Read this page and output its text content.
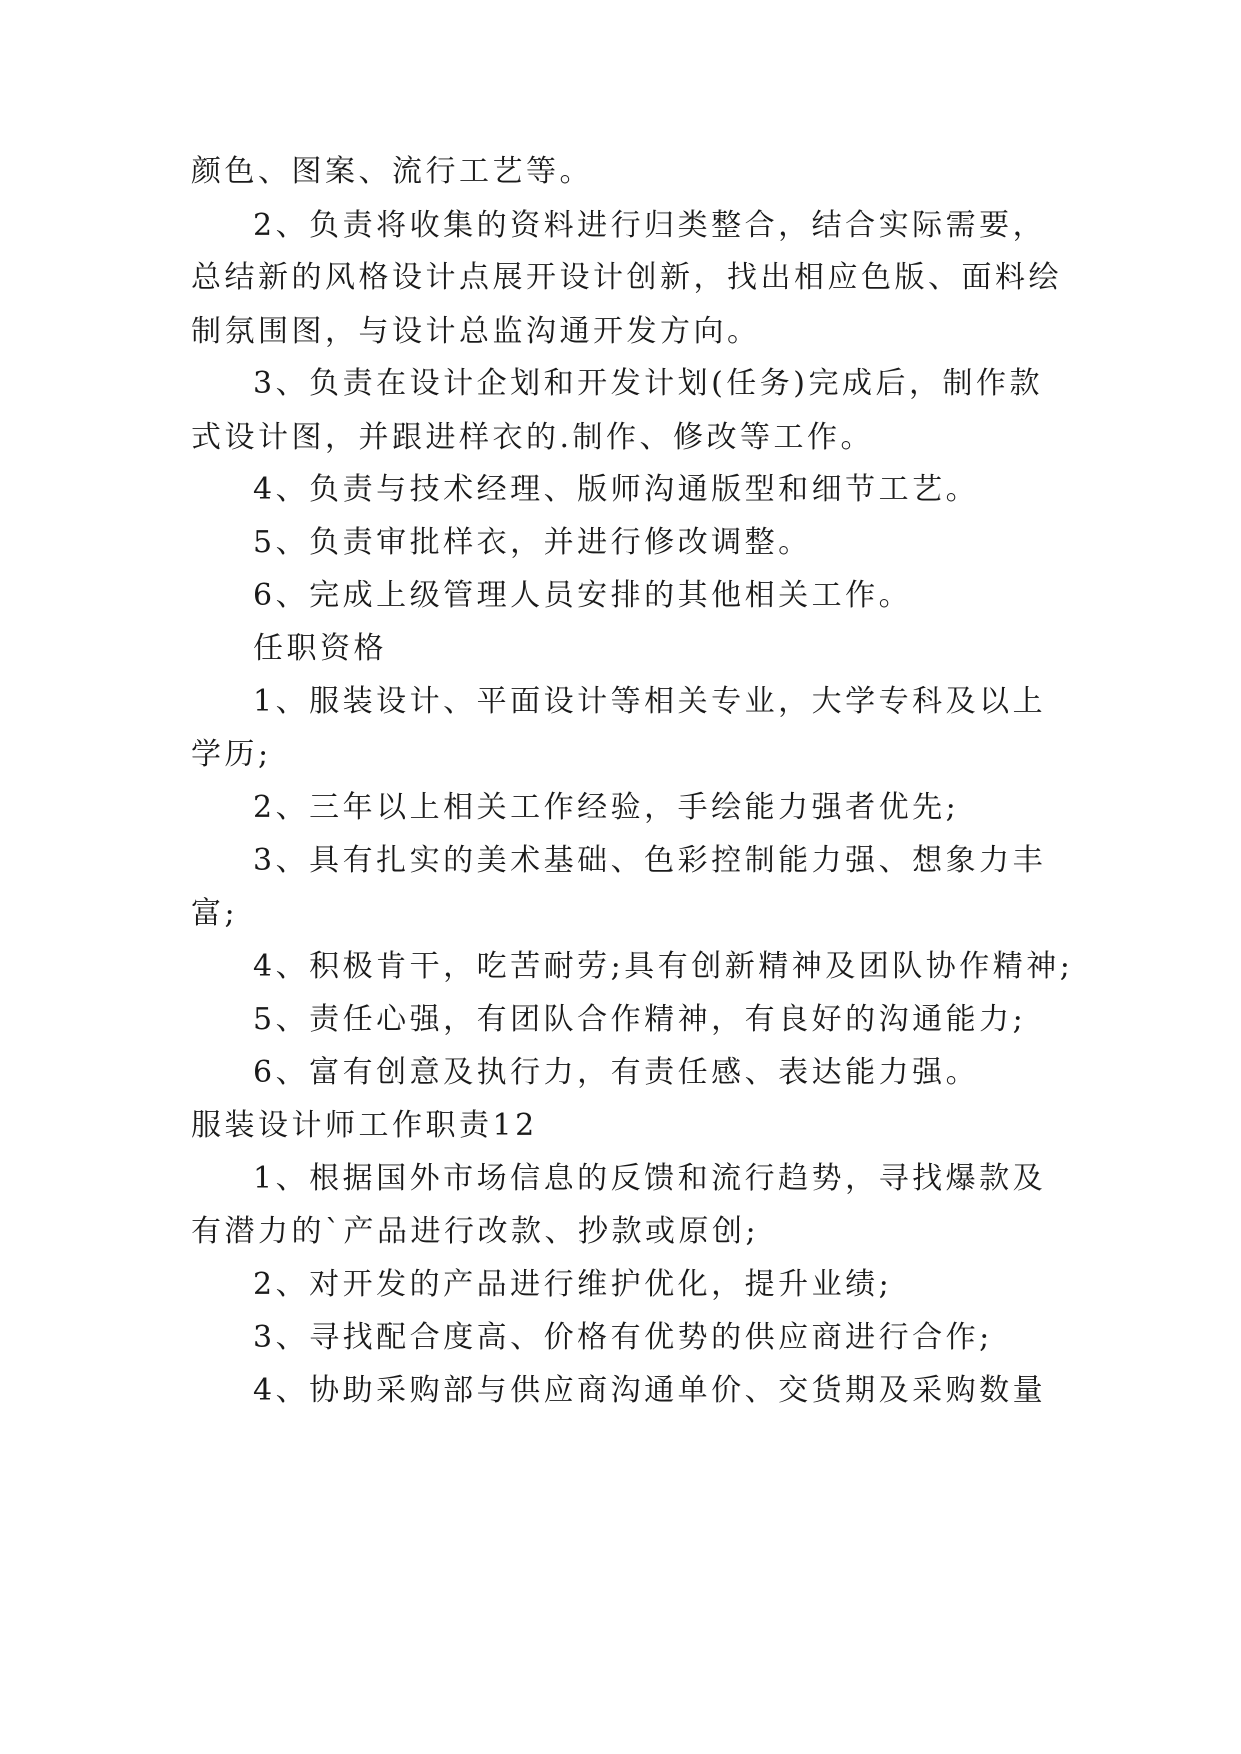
颜色、图案、流行工艺等。
2、负责将收集的资料进行归类整合，结合实际需要，
总结新的风格设计点展开设计创新，找出相应色版、面料绘
制氛围图，与设计总监沟通开发方向。
3、负责在设计企划和开发计划(任务)完成后，制作款
式设计图，并跟进样衣的.制作、修改等工作。
4、负责与技术经理、版师沟通版型和细节工艺。
5、负责审批样衣，并进行修改调整。
6、完成上级管理人员安排的其他相关工作。
任职资格
1、服装设计、平面设计等相关专业，大学专科及以上
学历;
2、三年以上相关工作经验，手绘能力强者优先;
3、具有扎实的美术基础、色彩控制能力强、想象力丰
富;
4、积极肯干，吃苦耐劳;具有创新精神及团队协作精神;
5、责任心强，有团队合作精神，有良好的沟通能力;
6、富有创意及执行力，有责任感、表达能力强。
服装设计师工作职责12
1、根据国外市场信息的反馈和流行趋势，寻找爆款及
有潜力的`产品进行改款、抄款或原创;
2、对开发的产品进行维护优化，提升业绩;
3、寻找配合度高、价格有优势的供应商进行合作;
4、协助采购部与供应商沟通单价、交货期及采购数量
